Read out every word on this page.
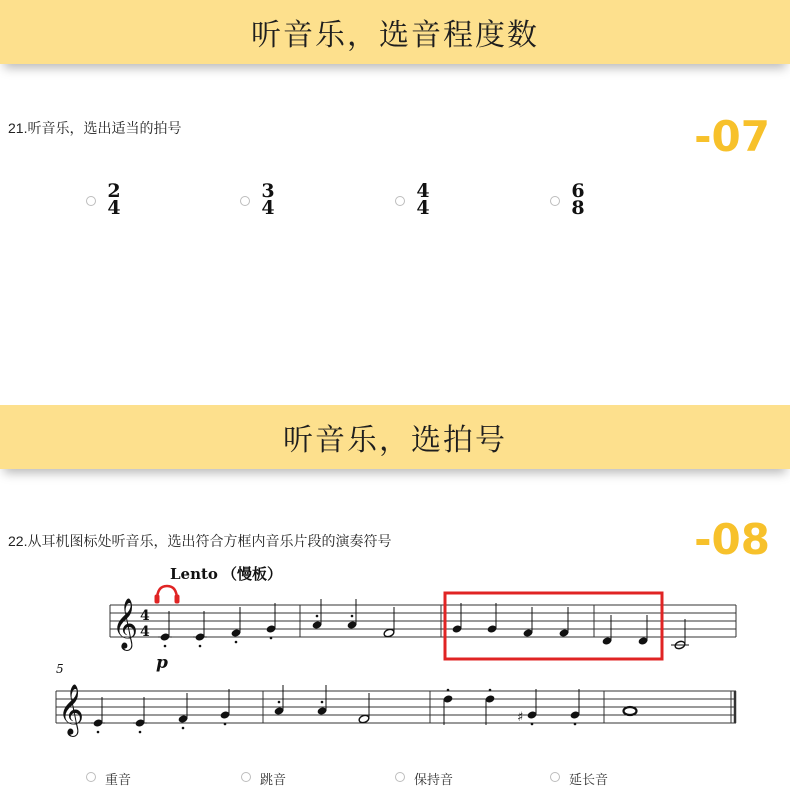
听音乐，选音程度数
21.听音乐，选出适当的拍号	-07
2
4
3
4
4
4
6
8
听音乐，选拍号
22.从耳机图标处听音乐，选出符合方框内音乐片段的演奏符号	-08
Lento （慢板）
𝄞 4
4
p
5
𝄞	♯
重音	跳音	保持音	延长音
